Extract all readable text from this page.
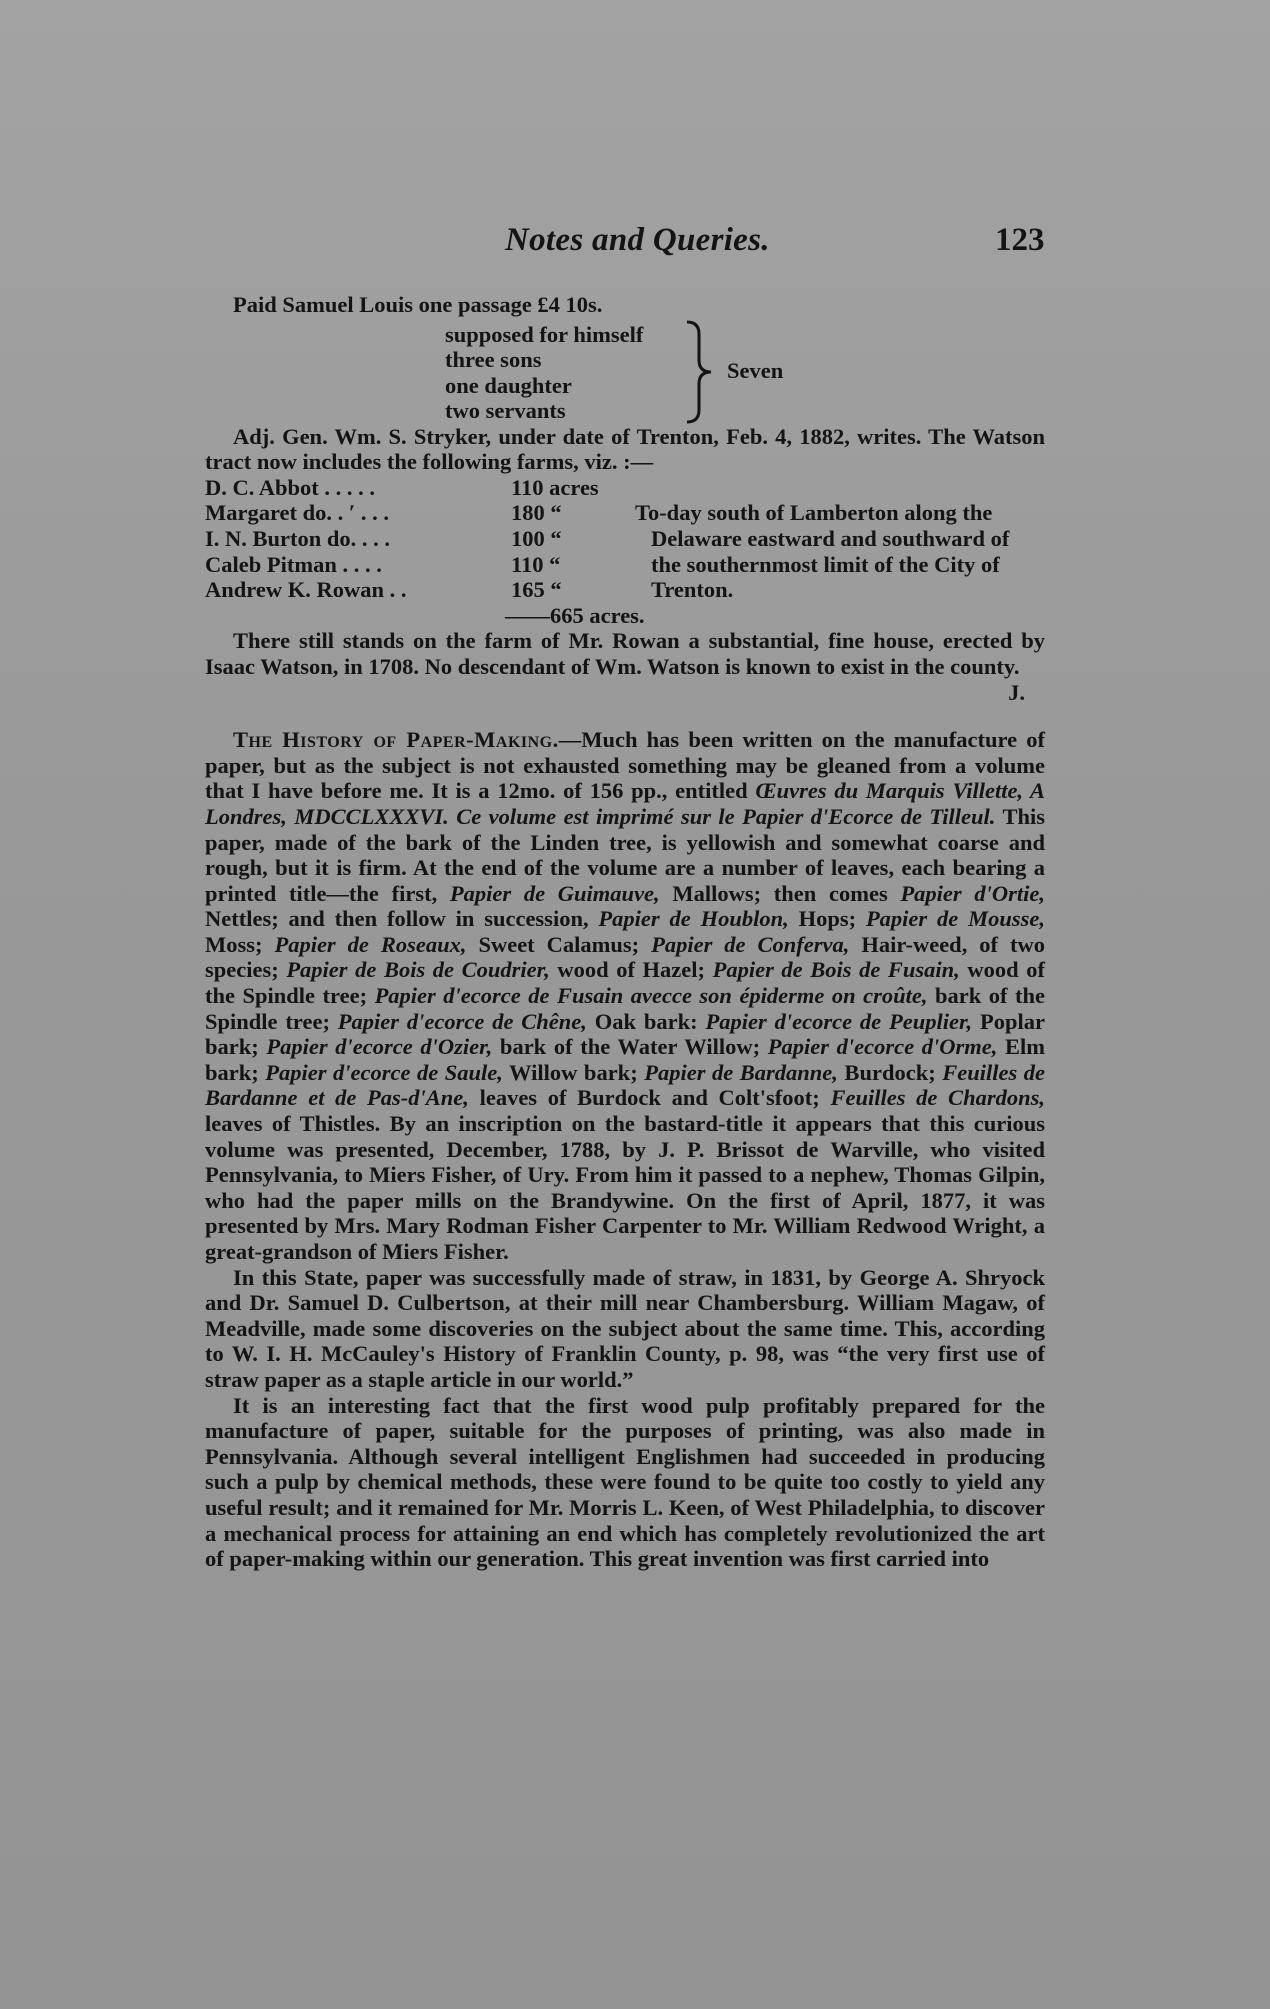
Notes and Queries.	123
Paid Samuel Louis one passage £4 10s.
supposed for himself
three sons
one daughter
two servants
Seven

Adj. Gen. Wm. S. Stryker, under date of Trenton, Feb. 4, 1882, writes. The Watson tract now includes the following farms, viz. :—

D. C. Abbot . . . . .	110 acres
Margaret do. . ʹ . . .	180 “	To-day south of Lamberton along the
I. N. Burton do. . . .	100 “	Delaware eastward and southward of
Caleb Pitman . . . .	110 “	the southernmost limit of the City of
Andrew K. Rowan . .	165 “	Trenton.
——665 acres.

There still stands on the farm of Mr. Rowan a substantial, fine house, erected by Isaac Watson, in 1708. No descendant of Wm. Watson is known to exist in the county.

J.

The History of Paper-Making.—Much has been written on the manufacture of paper, but as the subject is not exhausted something may be gleaned from a volume that I have before me. It is a 12mo. of 156 pp., entitled Œuvres du Marquis Villette, A Londres, MDCCLXXXVI. Ce volume est imprimé sur le Papier d'Ecorce de Tilleul. This paper, made of the bark of the Linden tree, is yellowish and somewhat coarse and rough, but it is firm. At the end of the volume are a number of leaves, each bearing a printed title—the first, Papier de Guimauve, Mallows; then comes Papier d'Ortie, Nettles; and then follow in succession, Papier de Houblon, Hops; Papier de Mousse, Moss; Papier de Roseaux, Sweet Calamus; Papier de Conferva, Hair-weed, of two species; Papier de Bois de Coudrier, wood of Hazel; Papier de Bois de Fusain, wood of the Spindle tree; Papier d'ecorce de Fusain avecce son épiderme on croûte, bark of the Spindle tree; Papier d'ecorce de Chêne, Oak bark: Papier d'ecorce de Peuplier, Poplar bark; Papier d'ecorce d'Ozier, bark of the Water Willow; Papier d'ecorce d'Orme, Elm bark; Papier d'ecorce de Saule, Willow bark; Papier de Bardanne, Burdock; Feuilles de Bardanne et de Pas-d'Ane, leaves of Burdock and Colt'sfoot; Feuilles de Chardons, leaves of Thistles. By an inscription on the bastard-title it appears that this curious volume was presented, December, 1788, by J. P. Brissot de Warville, who visited Pennsylvania, to Miers Fisher, of Ury. From him it passed to a nephew, Thomas Gilpin, who had the paper mills on the Brandywine. On the first of April, 1877, it was presented by Mrs. Mary Rodman Fisher Carpenter to Mr. William Redwood Wright, a great-grandson of Miers Fisher.

In this State, paper was successfully made of straw, in 1831, by George A. Shryock and Dr. Samuel D. Culbertson, at their mill near Chambersburg. William Magaw, of Meadville, made some discoveries on the subject about the same time. This, according to W. I. H. McCauley's History of Franklin County, p. 98, was “the very first use of straw paper as a staple article in our world.”

It is an interesting fact that the first wood pulp profitably prepared for the manufacture of paper, suitable for the purposes of printing, was also made in Pennsylvania. Although several intelligent Englishmen had succeeded in producing such a pulp by chemical methods, these were found to be quite too costly to yield any useful result; and it remained for Mr. Morris L. Keen, of West Philadelphia, to discover a mechanical process for attaining an end which has completely revolutionized the art of paper-making within our generation. This great invention was first carried into
